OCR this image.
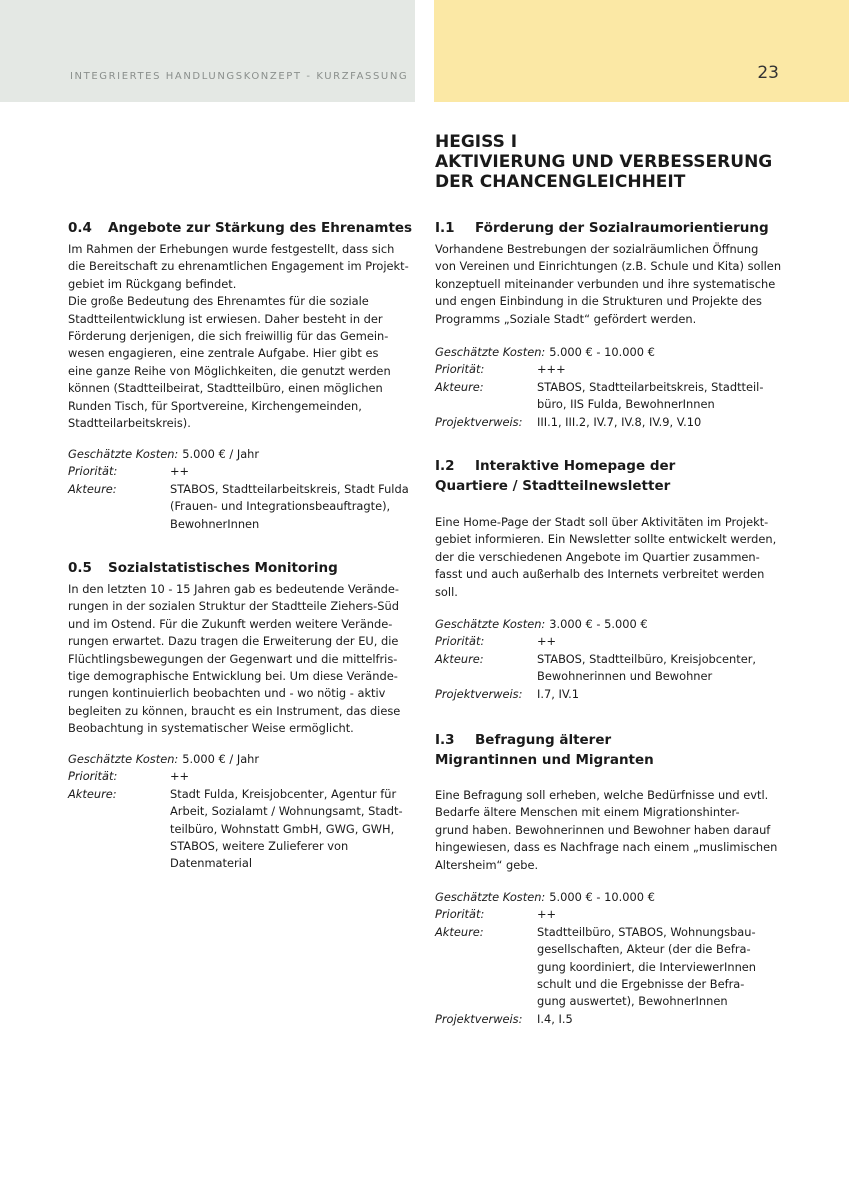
INTEGRIERTES HANDLUNGSKONZEPT - KURZFASSUNG	23
HEGISS I
AKTIVIERUNG UND VERBESSERUNG
DER CHANCENGLEICHHEIT
0.4 Angebote zur Stärkung des Ehrenamtes
Im Rahmen der Erhebungen wurde festgestellt, dass sich
die Bereitschaft zu ehrenamtlichen Engagement im Projekt-
gebiet im Rückgang befindet.
Die große Bedeutung des Ehrenamtes für die soziale
Stadtteilentwicklung ist erwiesen. Daher besteht in der
Förderung derjenigen, die sich freiwillig für das Gemein-
wesen engagieren, eine zentrale Aufgabe. Hier gibt es
eine ganze Reihe von Möglichkeiten, die genutzt werden
können (Stadtteilbeirat, Stadtteilbüro, einen möglichen
Runden Tisch, für Sportvereine, Kirchengemeinden,
Stadtteilarbeitskreis).
Geschätzte Kosten: 5.000 € / Jahr
Priorität:	++
Akteure:	STABOS, Stadtteilarbeitskreis, Stadt Fulda
(Frauen- und Integrationsbeauftragte),
BewohnerInnen
0.5 Sozialstatistisches Monitoring
In den letzten 10 - 15 Jahren gab es bedeutende Verände-
rungen in der sozialen Struktur der Stadtteile Ziehers-Süd
und im Ostend. Für die Zukunft werden weitere Verände-
rungen erwartet. Dazu tragen die Erweiterung der EU, die
Flüchtlingsbewegungen der Gegenwart und die mittelfris-
tige demographische Entwicklung bei. Um diese Verände-
rungen kontinuierlich beobachten und - wo nötig - aktiv
begleiten zu können, braucht es ein Instrument, das diese
Beobachtung in systematischer Weise ermöglicht.
Geschätzte Kosten: 5.000 € / Jahr
Priorität:	++
Akteure:	Stadt Fulda, Kreisjobcenter, Agentur für
Arbeit, Sozialamt / Wohnungsamt, Stadt-
teilbüro, Wohnstatt GmbH, GWG, GWH,
STABOS, weitere Zulieferer von
Datenmaterial
I.1 Förderung der Sozialraumorientierung
Vorhandene Bestrebungen der sozialräumlichen Öffnung
von Vereinen und Einrichtungen (z.B. Schule und Kita) sollen
konzeptuell miteinander verbunden und ihre systematische
und engen Einbindung in die Strukturen und Projekte des
Programms „Soziale Stadt“ gefördert werden.
Geschätzte Kosten: 5.000 € - 10.000 €
Priorität:	+++
Akteure:	STABOS, Stadtteilarbeitskreis, Stadtteil-
büro, IIS Fulda, BewohnerInnen
Projektverweis:	III.1, III.2, IV.7, IV.8, IV.9, V.10
I.2 Interaktive Homepage der
Quartiere / Stadtteilnewsletter
Eine Home-Page der Stadt soll über Aktivitäten im Projekt-
gebiet informieren. Ein Newsletter sollte entwickelt werden,
der die verschiedenen Angebote im Quartier zusammen-
fasst und auch außerhalb des Internets verbreitet werden
soll.
Geschätzte Kosten: 3.000 € - 5.000 €
Priorität:	++
Akteure:	STABOS, Stadtteilbüro, Kreisjobcenter,
Bewohnerinnen und Bewohner
Projektverweis:	I.7, IV.1
I.3 Befragung älterer
Migrantinnen und Migranten
Eine Befragung soll erheben, welche Bedürfnisse und evtl.
Bedarfe ältere Menschen mit einem Migrationshinter-
grund haben. Bewohnerinnen und Bewohner haben darauf
hingewiesen, dass es Nachfrage nach einem „muslimischen
Altersheim“ gebe.
Geschätzte Kosten: 5.000 € - 10.000 €
Priorität:	++
Akteure:	Stadtteilbüro, STABOS, Wohnungsbau-
gesellschaften, Akteur (der die Befra-
gung koordiniert, die InterviewerInnen
schult und die Ergebnisse der Befra-
gung auswertet), BewohnerInnen
Projektverweis:	I.4, I.5
